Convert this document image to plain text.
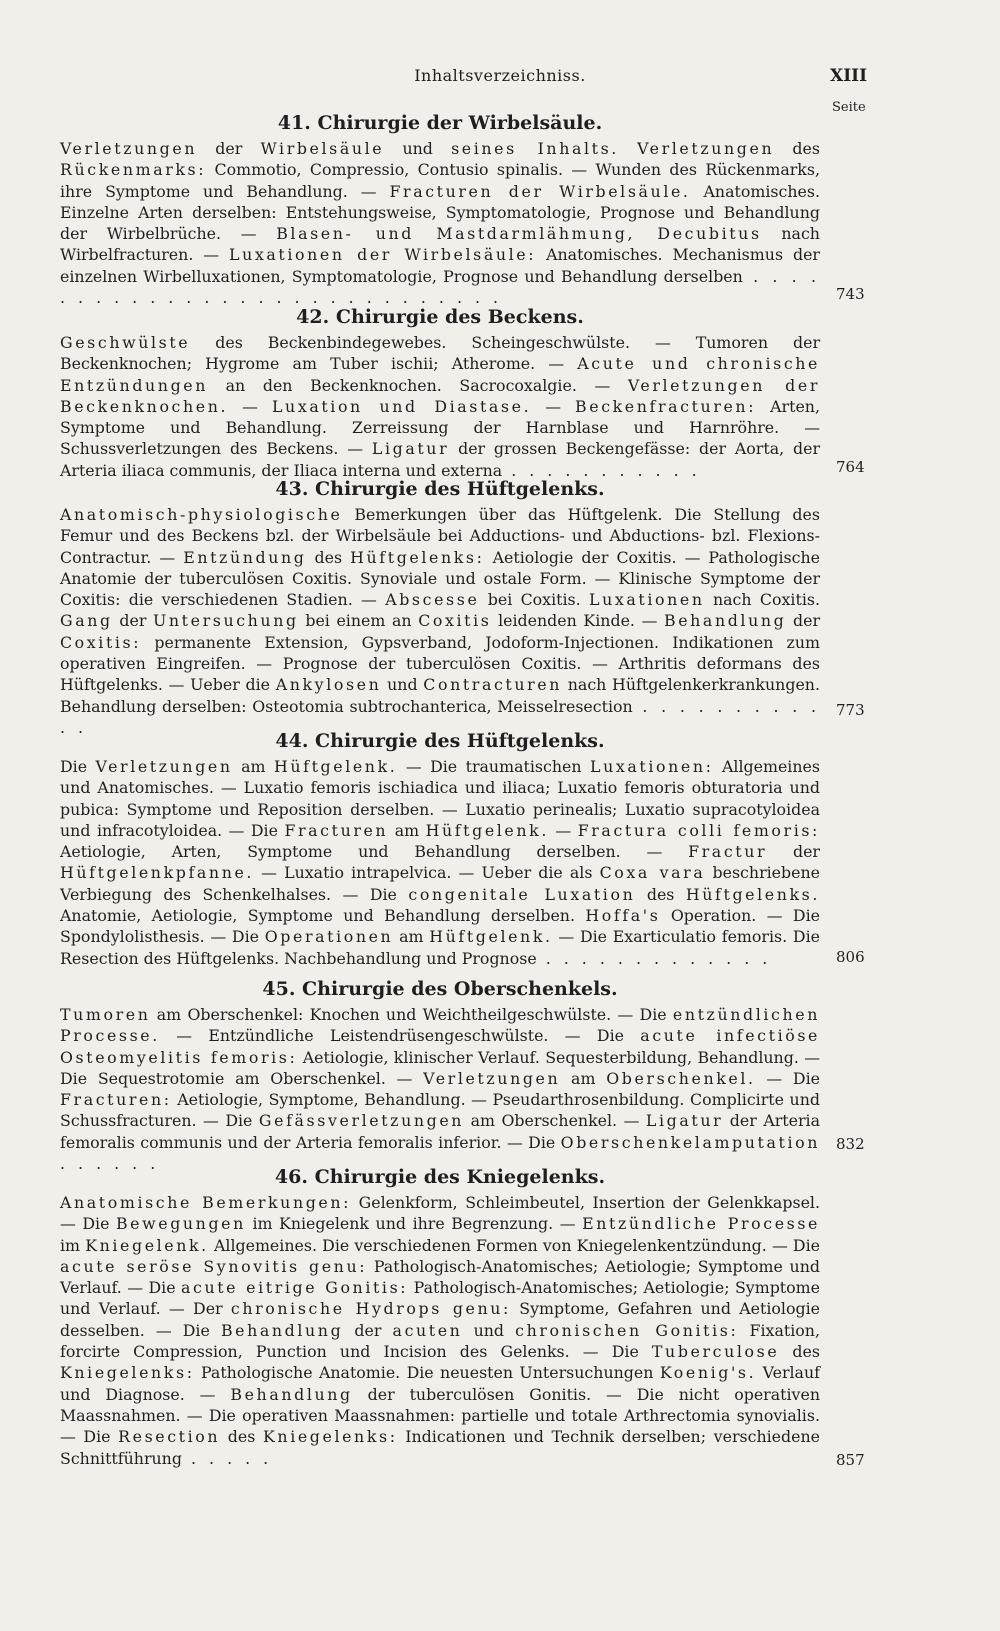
Inhaltsverzeichniss.	XIII
Seite
41. Chirurgie der Wirbelsäule.
Verletzungen der Wirbelsäule und seines Inhalts. Verletzungen des Rückenmarks: Commotio, Compressio, Contusio spinalis. — Wunden des Rückenmarks, ihre Symptome und Behandlung. — Fracturen der Wirbelsäule. Anatomisches. Einzelne Arten derselben: Entstehungsweise, Symptomatologie, Prognose und Behandlung der Wirbelbrüche. — Blasen- und Mastdarmlähmung, Decubitus nach Wirbelfracturen. — Luxationen der Wirbelsäule: Anatomisches. Mechanismus der einzelnen Wirbelluxationen, Symptomatologie, Prognose und Behandlung derselben . . . . . . . . . . . . . . . . . . . . . . . . . . . . .	743
42. Chirurgie des Beckens.
Geschwülste des Beckenbindegewebes. Scheingeschwülste. — Tumoren der Beckenknochen; Hygrome am Tuber ischii; Atherome. — Acute und chronische Entzündungen an den Beckenknochen. Sacrocoxalgie. — Verletzungen der Beckenknochen. — Luxation und Diastase. — Beckenfracturen: Arten, Symptome und Behandlung. Zerreissung der Harnblase und Harnröhre. — Schussverletzungen des Beckens. — Ligatur der grossen Beckengefässe: der Aorta, der Arteria iliaca communis, der Iliaca interna und externa . . . . . . . . . . .	764
43. Chirurgie des Hüftgelenks.
Anatomisch-physiologische Bemerkungen über das Hüftgelenk. Die Stellung des Femur und des Beckens bzl. der Wirbelsäule bei Adductions- und Abductions- bzl. Flexions-Contractur. — Entzündung des Hüftgelenks: Aetiologie der Coxitis. — Pathologische Anatomie der tuberculösen Coxitis. Synoviale und ostale Form. — Klinische Symptome der Coxitis: die verschiedenen Stadien. — Abscesse bei Coxitis. Luxationen nach Coxitis. Gang der Untersuchung bei einem an Coxitis leidenden Kinde. — Behandlung der Coxitis: permanente Extension, Gypsverband, Jodoform-Injectionen. Indikationen zum operativen Eingreifen. — Prognose der tuberculösen Coxitis. — Arthritis deformans des Hüftgelenks. — Ueber die Ankylosen und Contracturen nach Hüftgelenkerkrankungen. Behandlung derselben: Osteotomia subtrochanterica, Meisselresection . . . . . . . . . . . .
773
44. Chirurgie des Hüftgelenks.
Die Verletzungen am Hüftgelenk. — Die traumatischen Luxationen: Allgemeines und Anatomisches. — Luxatio femoris ischiadica und iliaca; Luxatio femoris obturatoria und pubica: Symptome und Reposition derselben. — Luxatio perinealis; Luxatio supracotyloidea und infracotyloidea. — Die Fracturen am Hüftgelenk. — Fractura colli femoris: Aetiologie, Arten, Symptome und Behandlung derselben. — Fractur der Hüftgelenkpfanne. — Luxatio intrapelvica. — Ueber die als Coxa vara beschriebene Verbiegung des Schenkelhalses. — Die congenitale Luxation des Hüftgelenks. Anatomie, Aetiologie, Symptome und Behandlung derselben. Hoffa's Operation. — Die Spondylolisthesis. — Die Operationen am Hüftgelenk. — Die Exarticulatio femoris. Die Resection des Hüftgelenks. Nachbehandlung und Prognose . . . . . . . . . . . . .	806
45. Chirurgie des Oberschenkels.
Tumoren am Oberschenkel: Knochen und Weichtheilgeschwülste. — Die entzündlichen Processe. — Entzündliche Leistendrüsengeschwülste. — Die acute infectiöse Osteomyelitis femoris: Aetiologie, klinischer Verlauf. Sequesterbildung, Behandlung. — Die Sequestrotomie am Oberschenkel. — Verletzungen am Oberschenkel. — Die Fracturen: Aetiologie, Symptome, Behandlung. — Pseudarthrosenbildung. Complicirte und Schussfracturen. — Die Gefässverletzungen am Oberschenkel. — Ligatur der Arteria femoralis communis und der Arteria femoralis inferior. — Die Oberschenkelamputation . . . . . .
832
46. Chirurgie des Kniegelenks.
Anatomische Bemerkungen: Gelenkform, Schleimbeutel, Insertion der Gelenkkapsel. — Die Bewegungen im Kniegelenk und ihre Begrenzung. — Entzündliche Processe im Kniegelenk. Allgemeines. Die verschiedenen Formen von Kniegelenkentzündung. — Die acute seröse Synovitis genu: Pathologisch-Anatomisches; Aetiologie; Symptome und Verlauf. — Die acute eitrige Gonitis: Pathologisch-Anatomisches; Aetiologie; Symptome und Verlauf. — Der chronische Hydrops genu: Symptome, Gefahren und Aetiologie desselben. — Die Behandlung der acuten und chronischen Gonitis: Fixation, forcirte Compression, Punction und Incision des Gelenks. — Die Tuberculose des Kniegelenks: Pathologische Anatomie. Die neuesten Untersuchungen Koenig's. Verlauf und Diagnose. — Behandlung der tuberculösen Gonitis. — Die nicht operativen Maassnahmen. — Die operativen Maassnahmen: partielle und totale Arthrectomia synovialis. — Die Resection des Kniegelenks: Indicationen und Technik derselben; verschiedene Schnittführung . . . . .	857
